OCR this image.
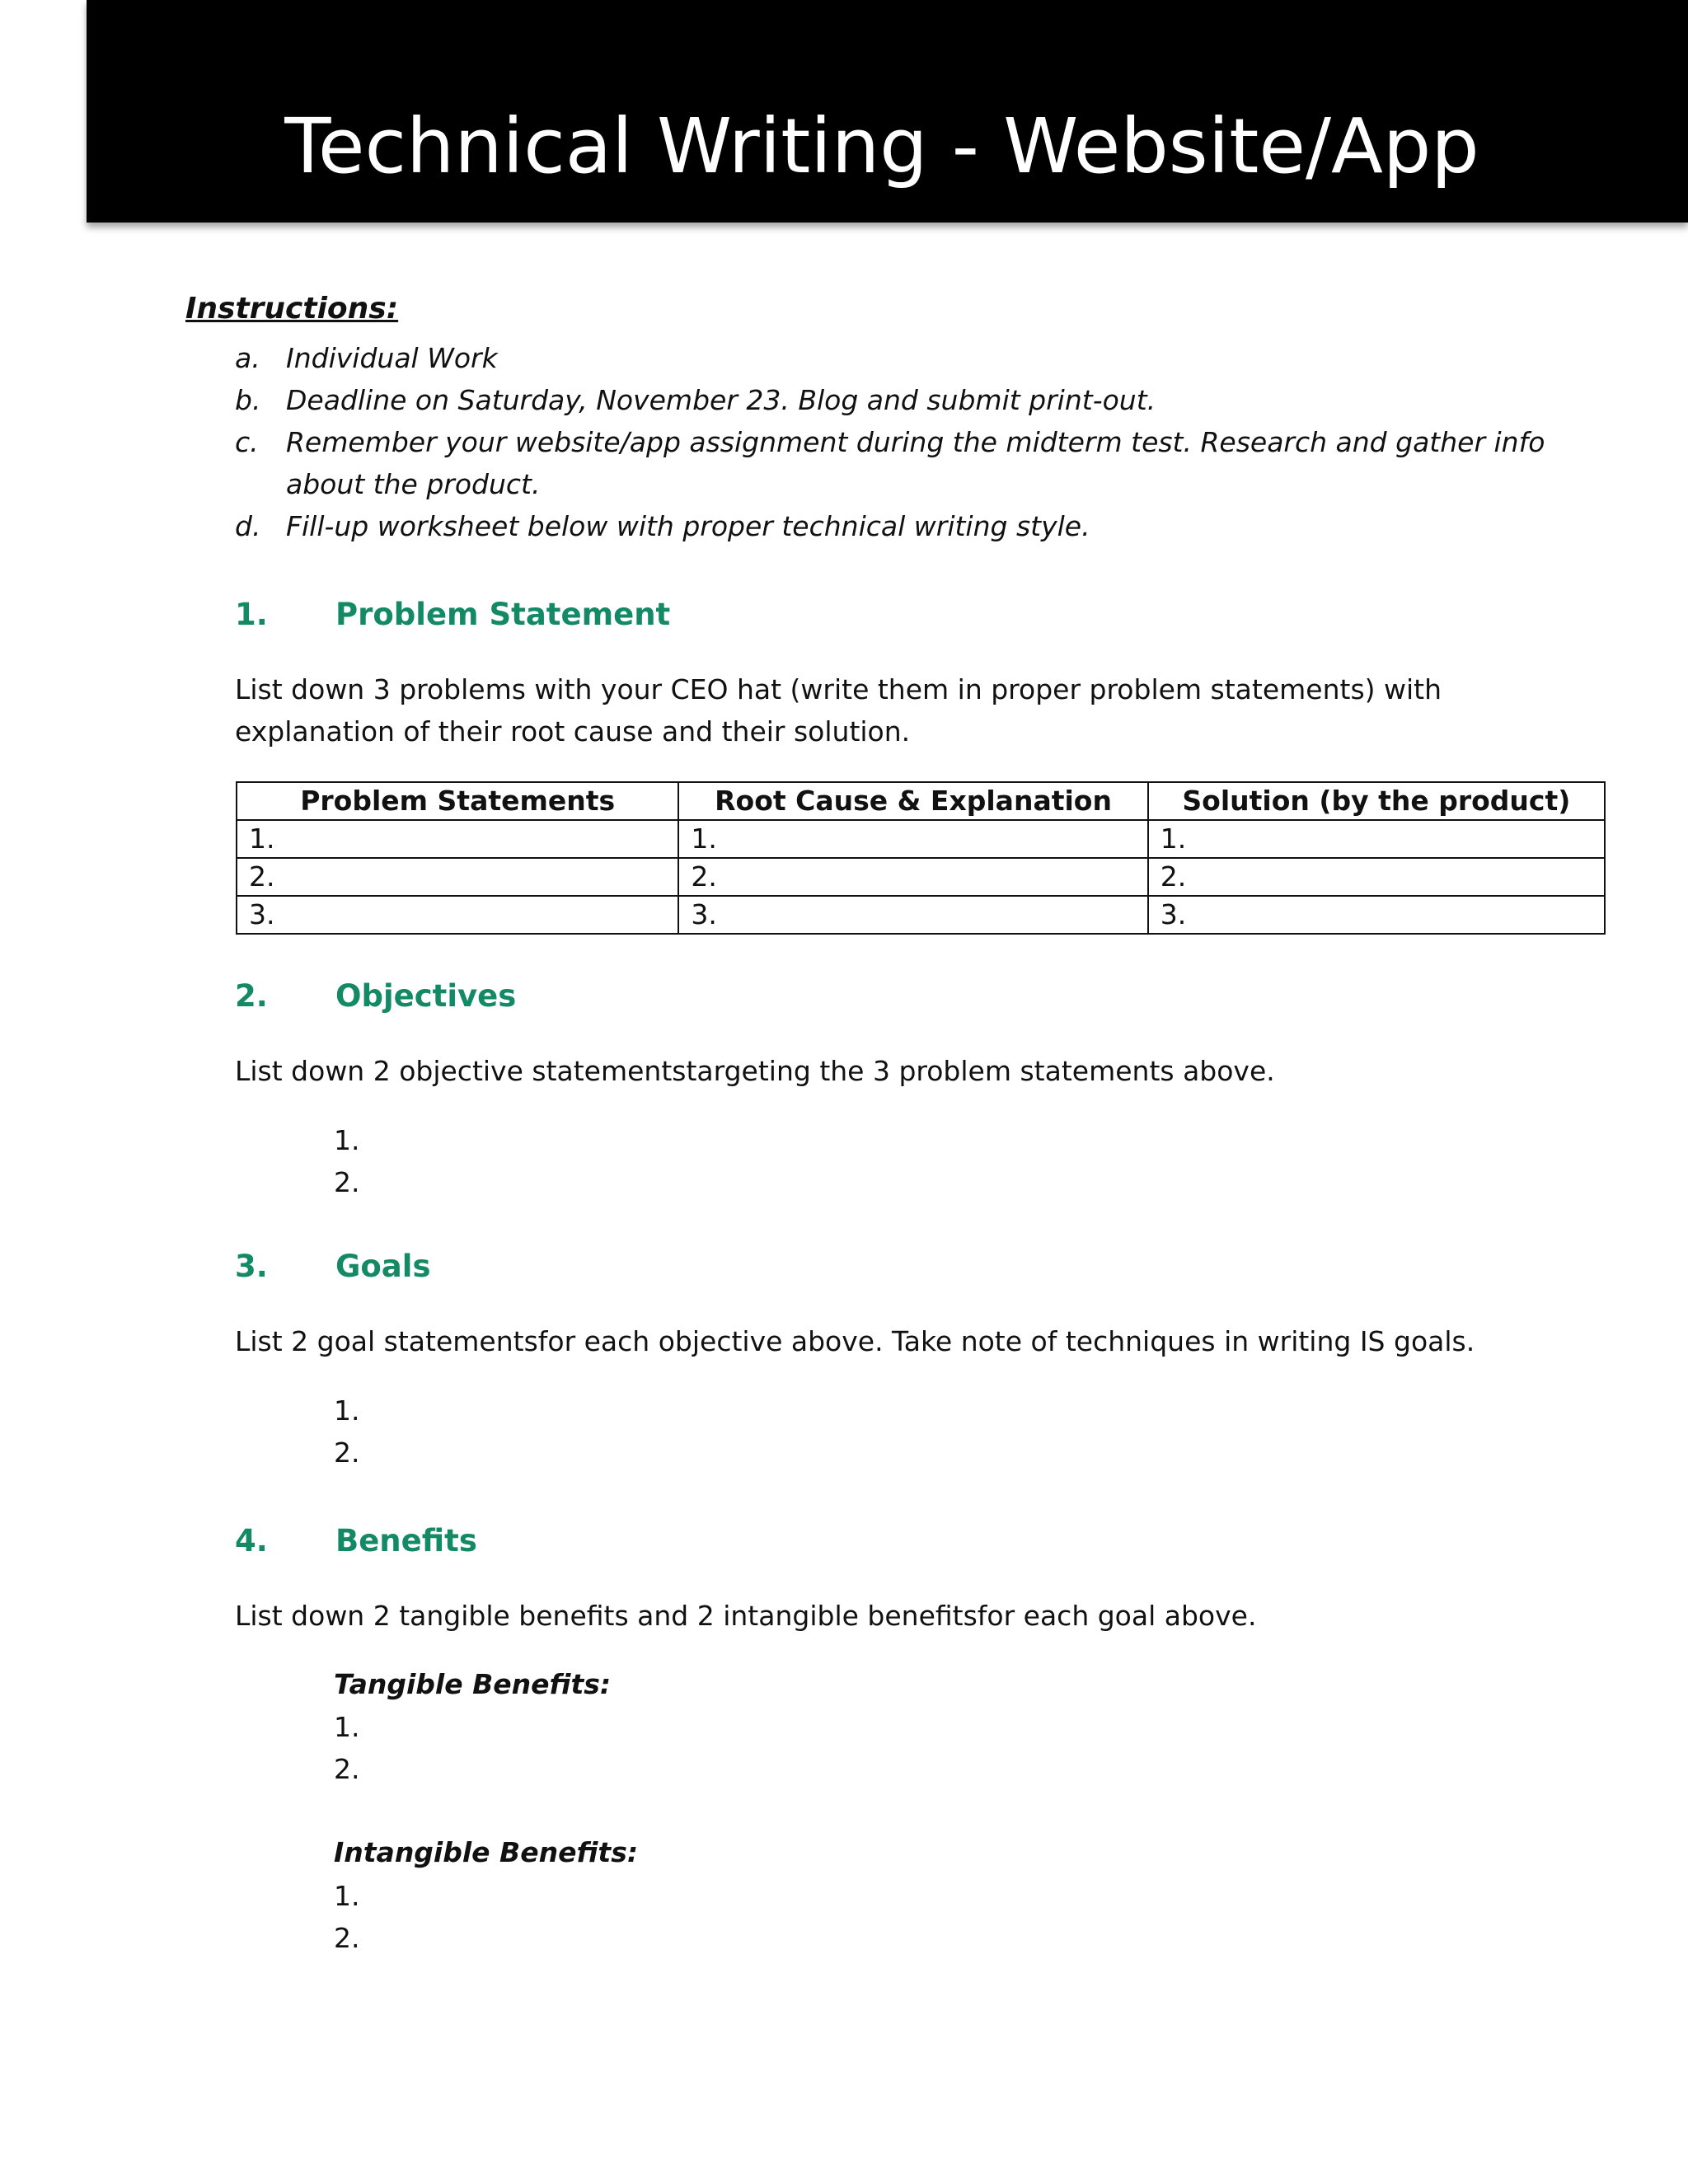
Technical Writing - Website/App
Instructions:
a. Individual Work
b. Deadline on Saturday, November 23. Blog and submit print-out.
c. Remember your website/app assignment during the midterm test. Research and gather info about the product.
d. Fill-up worksheet below with proper technical writing style.
1. Problem Statement
List down 3 problems with your CEO hat (write them in proper problem statements) with explanation of their root cause and their solution.
Problem Statements	Root Cause & Explanation	Solution (by the product)
1.	1.	1.
2.	2.	2.
3.	3.	3.
2. Objectives
List down 2 objective statementstargeting the 3 problem statements above.
1.
2.
3. Goals
List 2 goal statementsfor each objective above. Take note of techniques in writing IS goals.
1.
2.
4. Benefits
List down 2 tangible benefits and 2 intangible benefitsfor each goal above.
Tangible Benefits:
1.
2.
Intangible Benefits:
1.
2.
